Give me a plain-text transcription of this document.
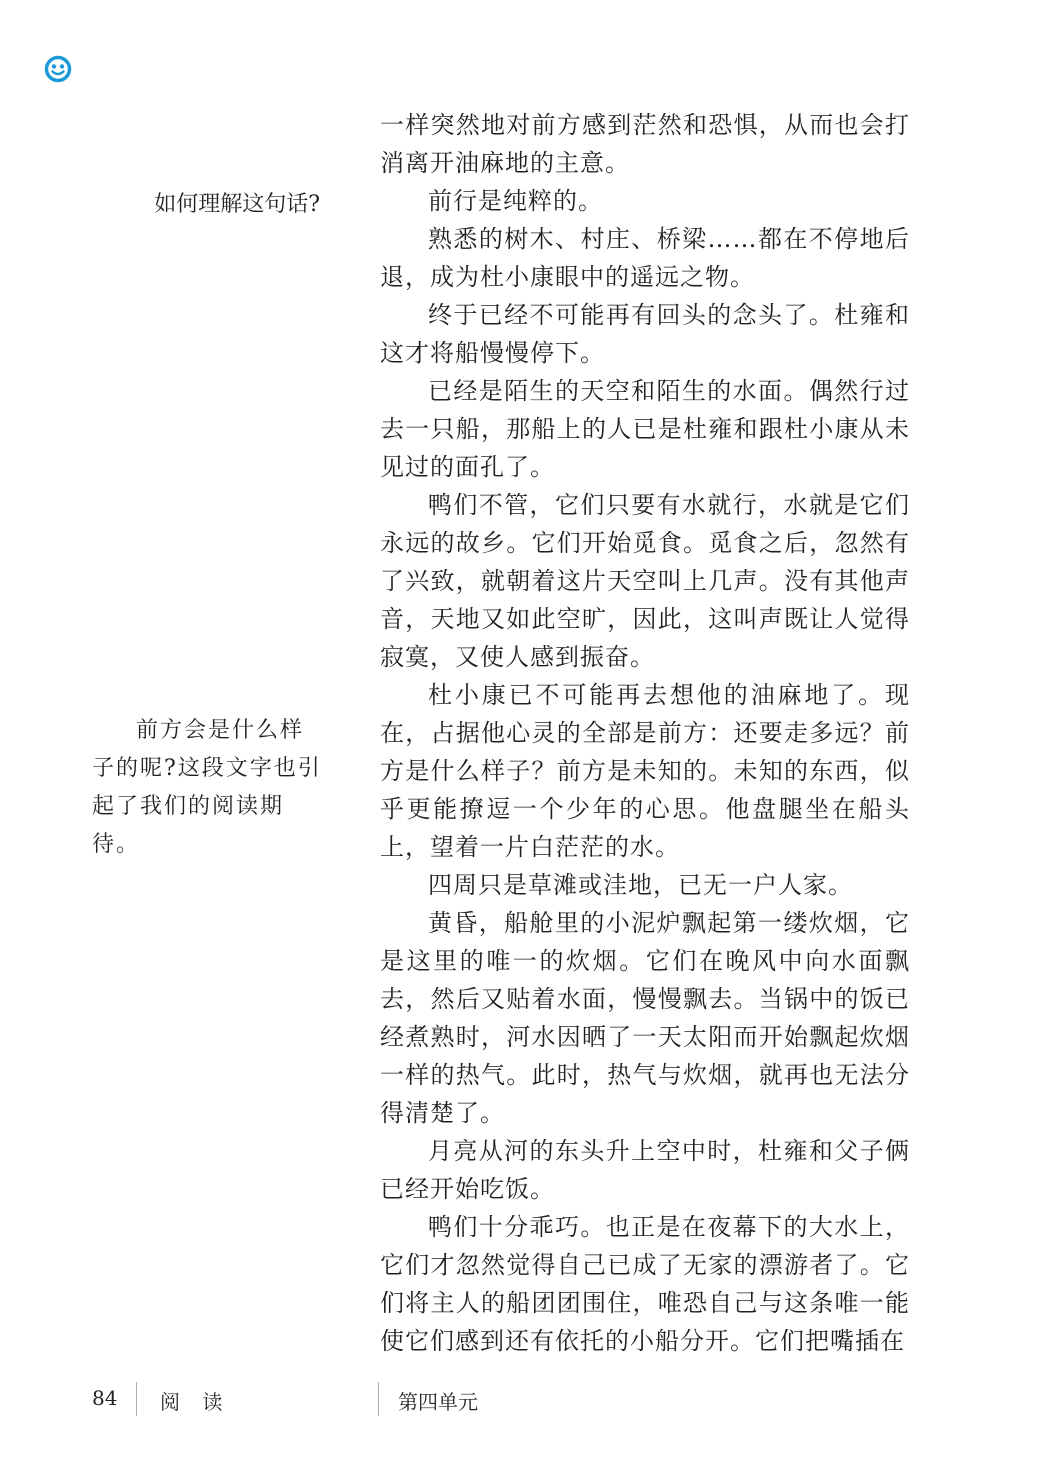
如何理解这句话?
前方会是什么样子的呢?这段文字也引起了我们的阅读期待。

一样突然地对前方感到茫然和恐惧，从而也会打消离开油麻地的主意。

前行是纯粹的。

熟悉的树木、村庄、桥梁……都在不停地后退，成为杜小康眼中的遥远之物。

终于已经不可能再有回头的念头了。杜雍和这才将船慢慢停下。

已经是陌生的天空和陌生的水面。偶然行过去一只船，那船上的人已是杜雍和跟杜小康从未见过的面孔了。

鸭们不管，它们只要有水就行，水就是它们永远的故乡。它们开始觅食。觅食之后，忽然有了兴致，就朝着这片天空叫上几声。没有其他声音，天地又如此空旷，因此，这叫声既让人觉得寂寞，又使人感到振奋。

杜小康已不可能再去想他的油麻地了。现在，占据他心灵的全部是前方：还要走多远？前方是什么样子？前方是未知的。未知的东西，似乎更能撩逗一个少年的心思。他盘腿坐在船头上，望着一片白茫茫的水。

四周只是草滩或洼地，已无一户人家。

黄昏，船舱里的小泥炉飘起第一缕炊烟，它是这里的唯一的炊烟。它们在晚风中向水面飘去，然后又贴着水面，慢慢飘去。当锅中的饭已经煮熟时，河水因晒了一天太阳而开始飘起炊烟一样的热气。此时，热气与炊烟，就再也无法分得清楚了。

月亮从河的东头升上空中时，杜雍和父子俩已经开始吃饭。

鸭们十分乖巧。也正是在夜幕下的大水上，它们才忽然觉得自己已成了无家的漂游者了。它们将主人的船团团围住，唯恐自己与这条唯一能使它们感到还有依托的小船分开。它们把嘴插在

84 阅 读	第四单元
